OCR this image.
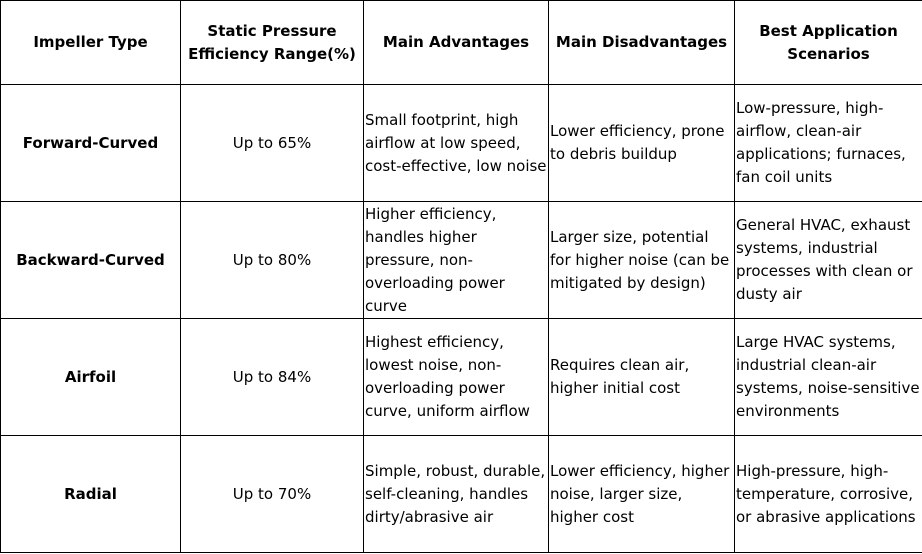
Impeller Type	Static Pressure Efficiency Range(%)	Main Advantages	Main Disadvantages	Best Application Scenarios
Forward-Curved	Up to 65%	Small footprint, high airflow at low speed, cost-effective, low noise	Lower efficiency, prone to debris buildup	Low-pressure, high-airflow, clean-air applications; furnaces, fan coil units
Backward-Curved	Up to 80%	Higher efficiency, handles higher pressure, non-overloading power curve	Larger size, potential for higher noise (can be mitigated by design)	General HVAC, exhaust systems, industrial processes with clean or dusty air
Airfoil	Up to 84%	Highest efficiency, lowest noise, non-overloading power curve, uniform airflow	Requires clean air, higher initial cost	Large HVAC systems, industrial clean-air systems, noise-sensitive environments
Radial	Up to 70%	Simple, robust, durable, self-cleaning, handles dirty/abrasive air	Lower efficiency, higher noise, larger size, higher cost	High-pressure, high-temperature, corrosive, or abrasive applications
